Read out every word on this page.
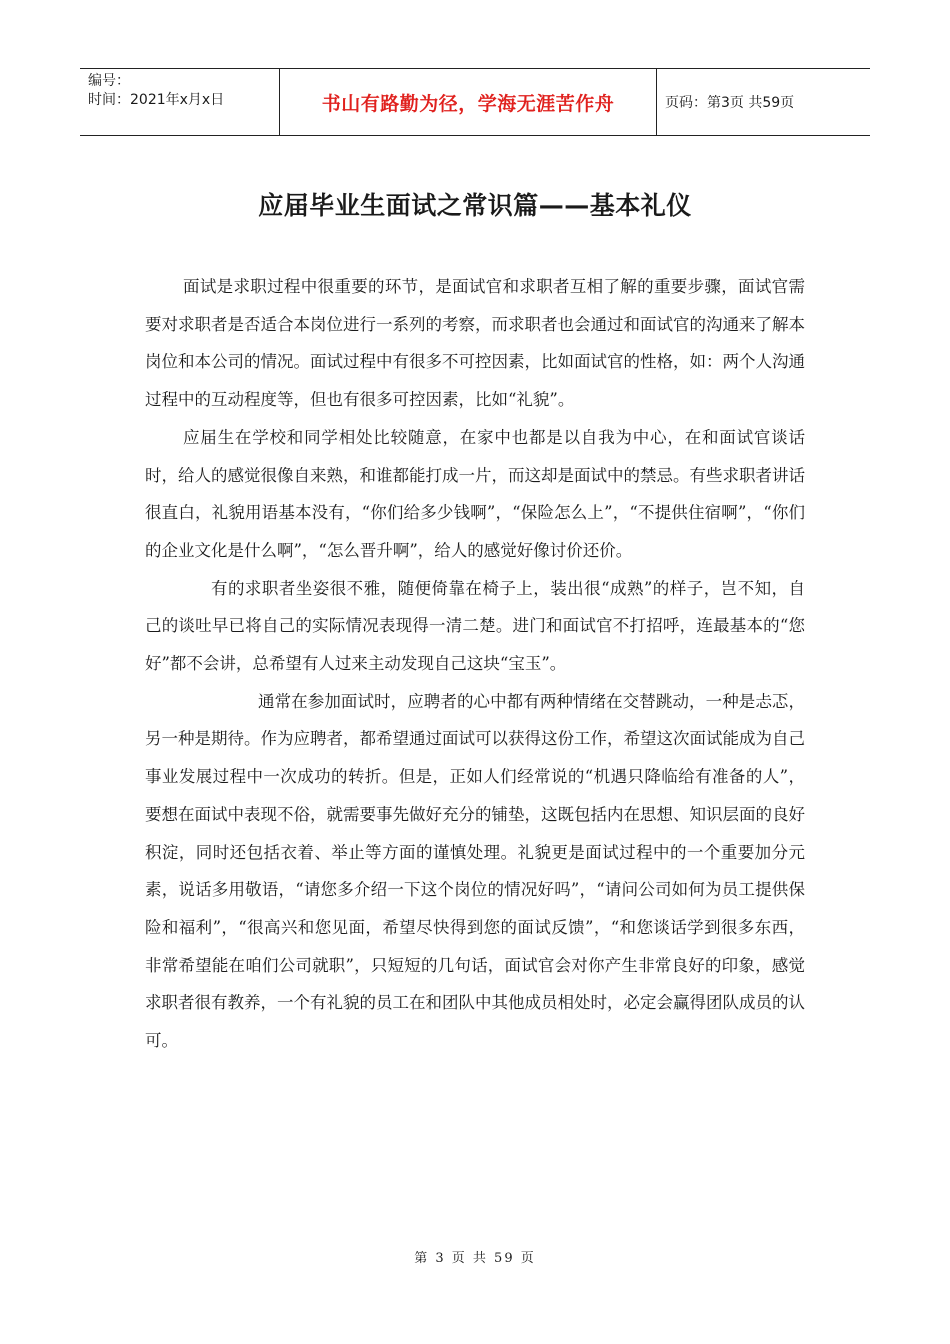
编号：
时间：2021年x月x日	书山有路勤为径，学海无涯苦作舟	页码：第3页 共59页
应届毕业生面试之常识篇——基本礼仪

面试是求职过程中很重要的环节，是面试官和求职者互相了解的重要步骤，面试官需要对求职者是否适合本岗位进行一系列的考察，而求职者也会通过和面试官的沟通来了解本岗位和本公司的情况。面试过程中有很多不可控因素，比如面试官的性格，如：两个人沟通过程中的互动程度等，但也有很多可控因素，比如“礼貌”。

应届生在学校和同学相处比较随意，在家中也都是以自我为中心，在和面试官谈话时，给人的感觉很像自来熟，和谁都能打成一片，而这却是面试中的禁忌。有些求职者讲话很直白，礼貌用语基本没有，“你们给多少钱啊”，“保险怎么上”，“不提供住宿啊”，“你们的企业文化是什么啊”，“怎么晋升啊”，给人的感觉好像讨价还价。

有的求职者坐姿很不雅，随便倚靠在椅子上，装出很“成熟”的样子，岂不知，自己的谈吐早已将自己的实际情况表现得一清二楚。进门和面试官不打招呼，连最基本的“您好”都不会讲，总希望有人过来主动发现自己这块“宝玉”。

通常在参加面试时，应聘者的心中都有两种情绪在交替跳动，一种是忐忑，另一种是期待。作为应聘者，都希望通过面试可以获得这份工作，希望这次面试能成为自己事业发展过程中一次成功的转折。但是，正如人们经常说的“机遇只降临给有准备的人”，要想在面试中表现不俗，就需要事先做好充分的铺垫，这既包括内在思想、知识层面的良好积淀，同时还包括衣着、举止等方面的谨慎处理。礼貌更是面试过程中的一个重要加分元素，说话多用敬语，“请您多介绍一下这个岗位的情况好吗”，“请问公司如何为员工提供保险和福利”，“很高兴和您见面，希望尽快得到您的面试反馈”，“和您谈话学到很多东西，非常希望能在咱们公司就职”，只短短的几句话，面试官会对你产生非常良好的印象，感觉求职者很有教养，一个有礼貌的员工在和团队中其他成员相处时，必定会赢得团队成员的认可。

第 3 页 共 59 页
